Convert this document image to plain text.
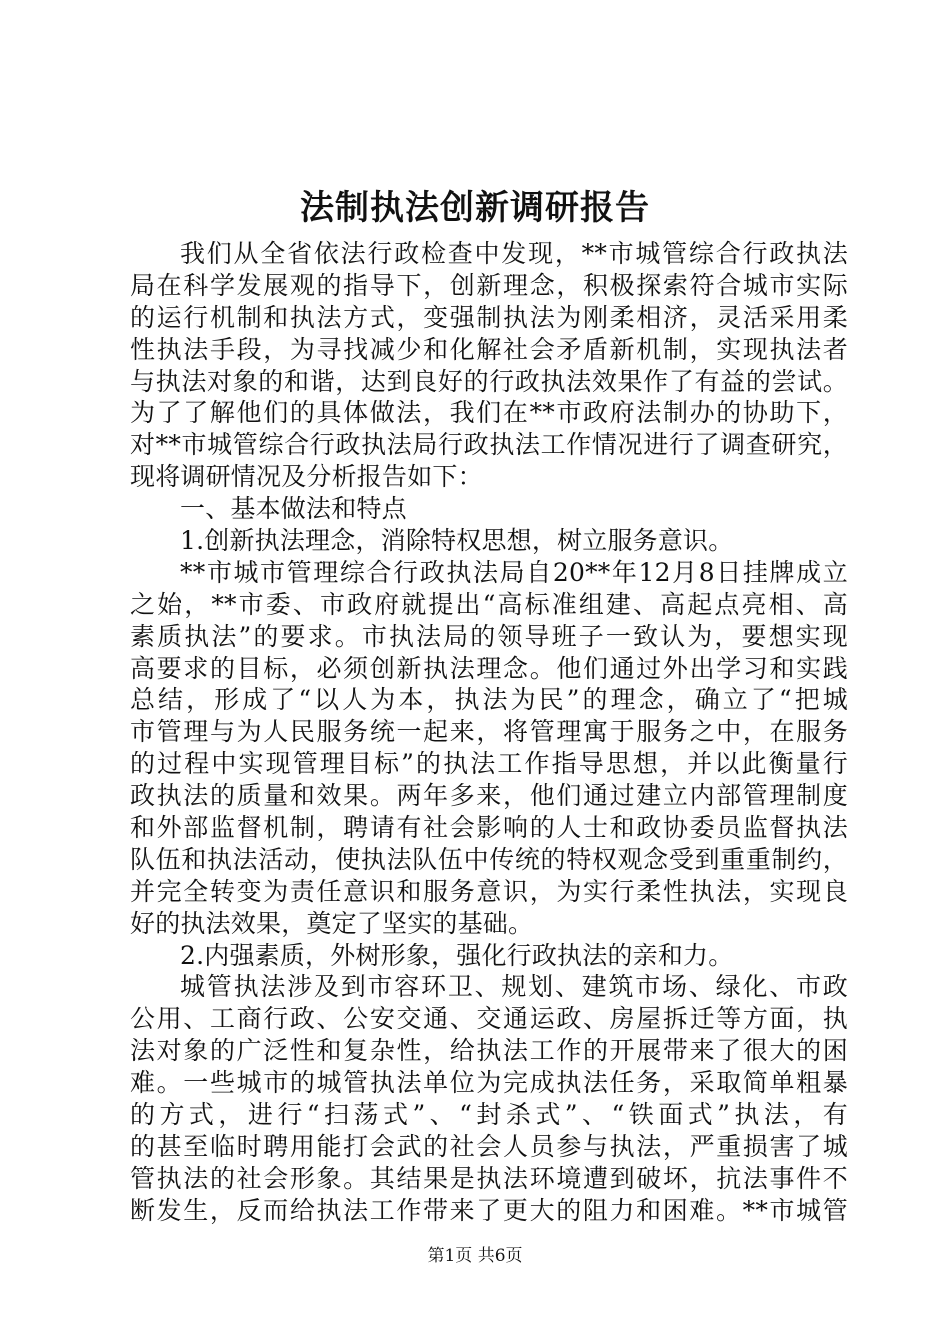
法制执法创新调研报告
我们从全省依法行政检查中发现，**市城管综合行政执法
局在科学发展观的指导下，创新理念，积极探索符合城市实际
的运行机制和执法方式，变强制执法为刚柔相济，灵活采用柔
性执法手段，为寻找减少和化解社会矛盾新机制，实现执法者
与执法对象的和谐，达到良好的行政执法效果作了有益的尝试。
为了了解他们的具体做法，我们在**市政府法制办的协助下，
对**市城管综合行政执法局行政执法工作情况进行了调查研究，
现将调研情况及分析报告如下：
一、基本做法和特点
1.创新执法理念，消除特权思想，树立服务意识。
**市城市管理综合行政执法局自20**年12月8日挂牌成立
之始，**市委、市政府就提出“高标准组建、高起点亮相、高
素质执法”的要求。市执法局的领导班子一致认为，要想实现
高要求的目标，必须创新执法理念。他们通过外出学习和实践
总结，形成了“以人为本，执法为民”的理念，确立了“把城
市管理与为人民服务统一起来，将管理寓于服务之中，在服务
的过程中实现管理目标”的执法工作指导思想，并以此衡量行
政执法的质量和效果。两年多来，他们通过建立内部管理制度
和外部监督机制，聘请有社会影响的人士和政协委员监督执法
队伍和执法活动，使执法队伍中传统的特权观念受到重重制约，
并完全转变为责任意识和服务意识，为实行柔性执法，实现良
好的执法效果，奠定了坚实的基础。
2.内强素质，外树形象，强化行政执法的亲和力。
城管执法涉及到市容环卫、规划、建筑市场、绿化、市政
公用、工商行政、公安交通、交通运政、房屋拆迁等方面，执
法对象的广泛性和复杂性，给执法工作的开展带来了很大的困
难。一些城市的城管执法单位为完成执法任务，采取简单粗暴
的方式，进行“扫荡式”、“封杀式”、“铁面式”执法，有
的甚至临时聘用能打会武的社会人员参与执法，严重损害了城
管执法的社会形象。其结果是执法环境遭到破坏，抗法事件不
断发生，反而给执法工作带来了更大的阻力和困难。**市城管
第1页 共6页
